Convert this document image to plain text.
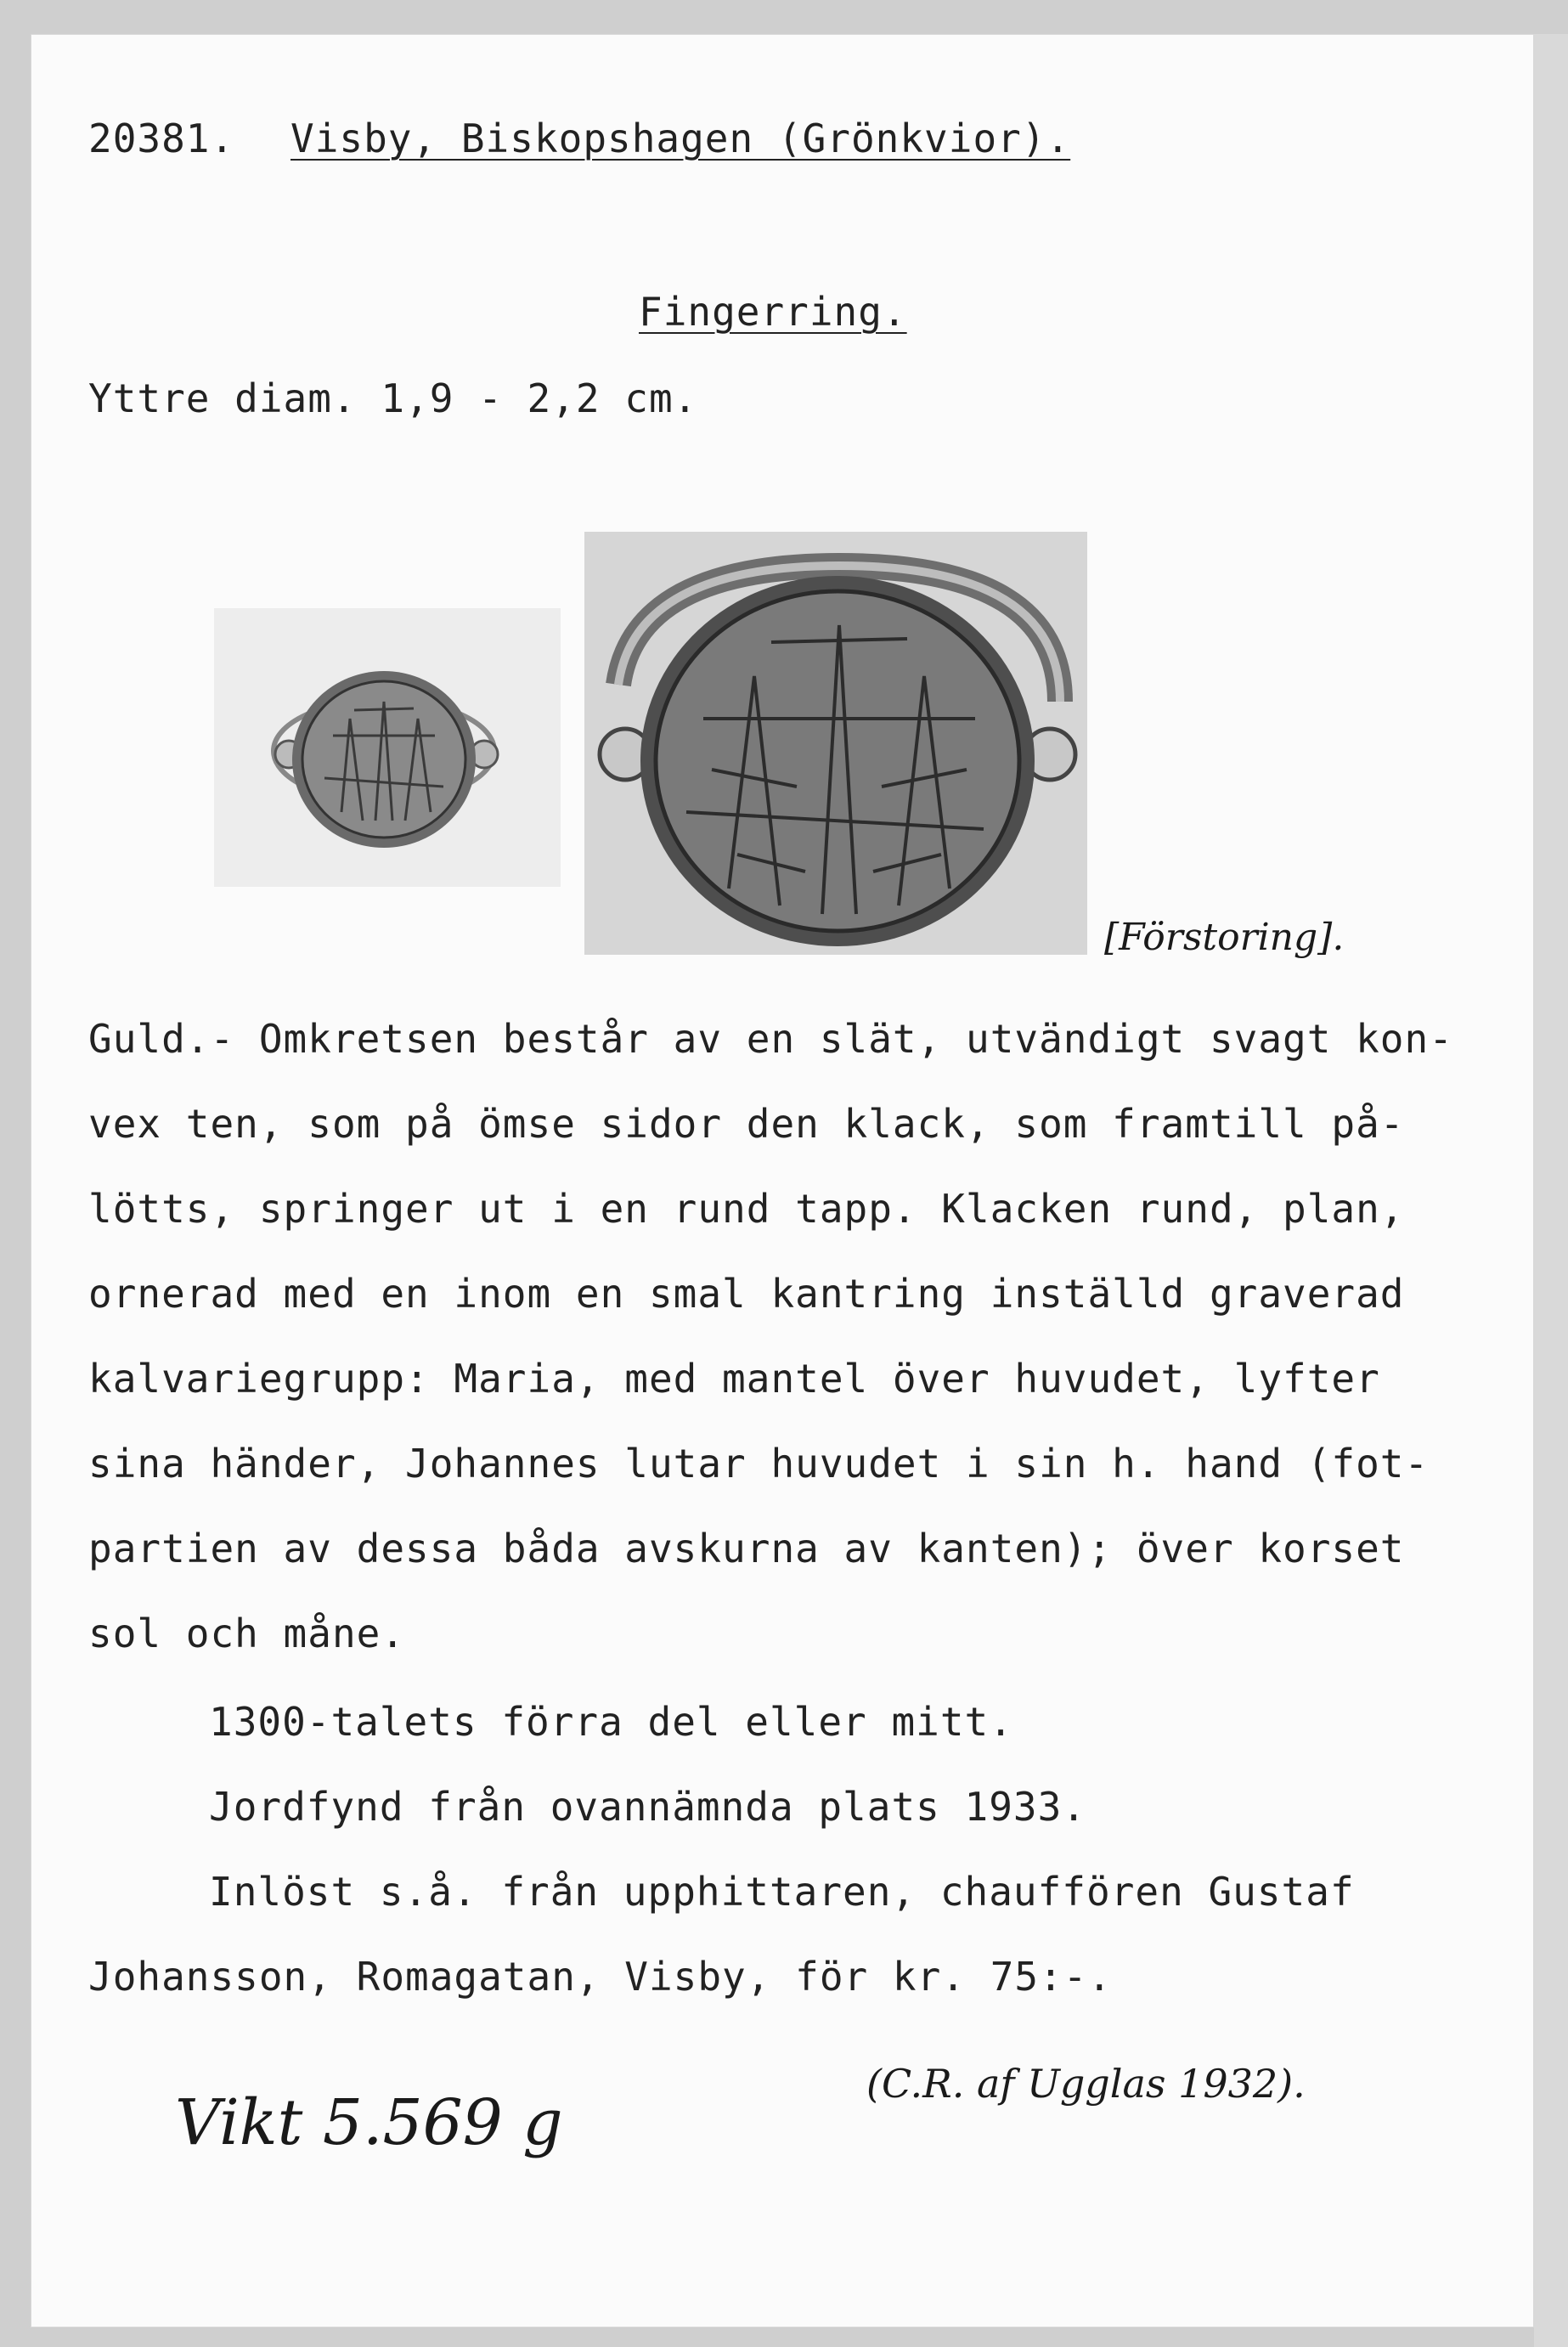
20381. Visby, Biskopshagen (Grönkvior).
Fingerring.
Yttre diam. 1,9 - 2,2 cm.
[Förstoring].
Guld.- Omkretsen består av en slät, utvändigt svagt kon-
vex ten, som på ömse sidor den klack, som framtill på-
lötts, springer ut i en rund tapp. Klacken rund, plan,
ornerad med en inom en smal kantring inställd graverad
kalvariegrupp: Maria, med mantel över huvudet, lyfter
sina händer, Johannes lutar huvudet i sin h. hand (fot-
partien av dessa båda avskurna av kanten); över korset
sol och måne.
1300-talets förra del eller mitt.
Jordfynd från ovannämnda plats 1933.
Inlöst s.å. från upphittaren, chauffören Gustaf
Johansson, Romagatan, Visby, för kr. 75:-.
(C.R. af Ugglas 1932).
Vikt 5.569 g
